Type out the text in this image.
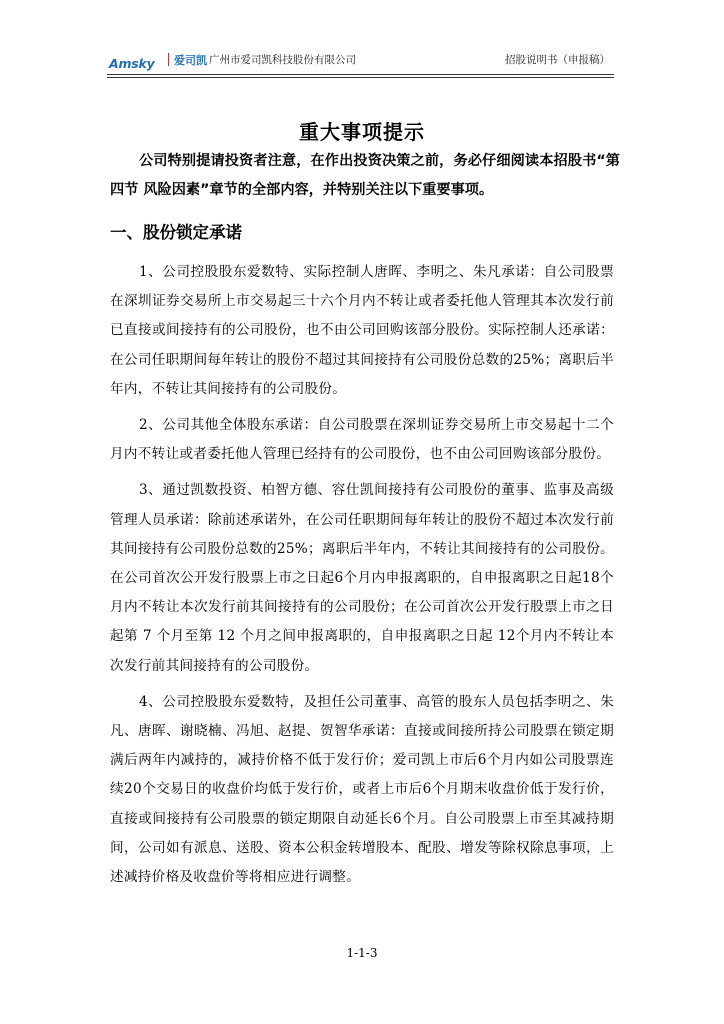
Amsky 爱司凯 广州市爱司凯科技股份有限公司	招股说明书（申报稿）
重大事项提示

公司特别提请投资者注意，在作出投资决策之前，务必仔细阅读本招股书“第四节 风险因素”章节的全部内容，并特别关注以下重要事项。

一、股份锁定承诺

1、公司控股股东爱数特、实际控制人唐晖、李明之、朱凡承诺：自公司股票在深圳证券交易所上市交易起三十六个月内不转让或者委托他人管理其本次发行前已直接或间接持有的公司股份，也不由公司回购该部分股份。实际控制人还承诺：在公司任职期间每年转让的股份不超过其间接持有公司股份总数的25%；离职后半年内，不转让其间接持有的公司股份。

2、公司其他全体股东承诺：自公司股票在深圳证券交易所上市交易起十二个月内不转让或者委托他人管理已经持有的公司股份，也不由公司回购该部分股份。

3、通过凯数投资、柏智方德、容仕凯间接持有公司股份的董事、监事及高级管理人员承诺：除前述承诺外，在公司任职期间每年转让的股份不超过本次发行前其间接持有公司股份总数的25%；离职后半年内，不转让其间接持有的公司股份。在公司首次公开发行股票上市之日起6个月内申报离职的，自申报离职之日起18个月内不转让本次发行前其间接持有的公司股份；在公司首次公开发行股票上市之日起第 7 个月至第 12 个月之间申报离职的，自申报离职之日起 12个月内不转让本次发行前其间接持有的公司股份。

4、公司控股股东爱数特，及担任公司董事、高管的股东人员包括李明之、朱凡、唐晖、谢晓楠、冯旭、赵提、贺智华承诺：直接或间接所持公司股票在锁定期满后两年内减持的，减持价格不低于发行价；爱司凯上市后6个月内如公司股票连续20个交易日的收盘价均低于发行价，或者上市后6个月期末收盘价低于发行价，直接或间接持有公司股票的锁定期限自动延长6个月。自公司股票上市至其减持期间，公司如有派息、送股、资本公积金转增股本、配股、增发等除权除息事项，上述减持价格及收盘价等将相应进行调整。

1-1-3
